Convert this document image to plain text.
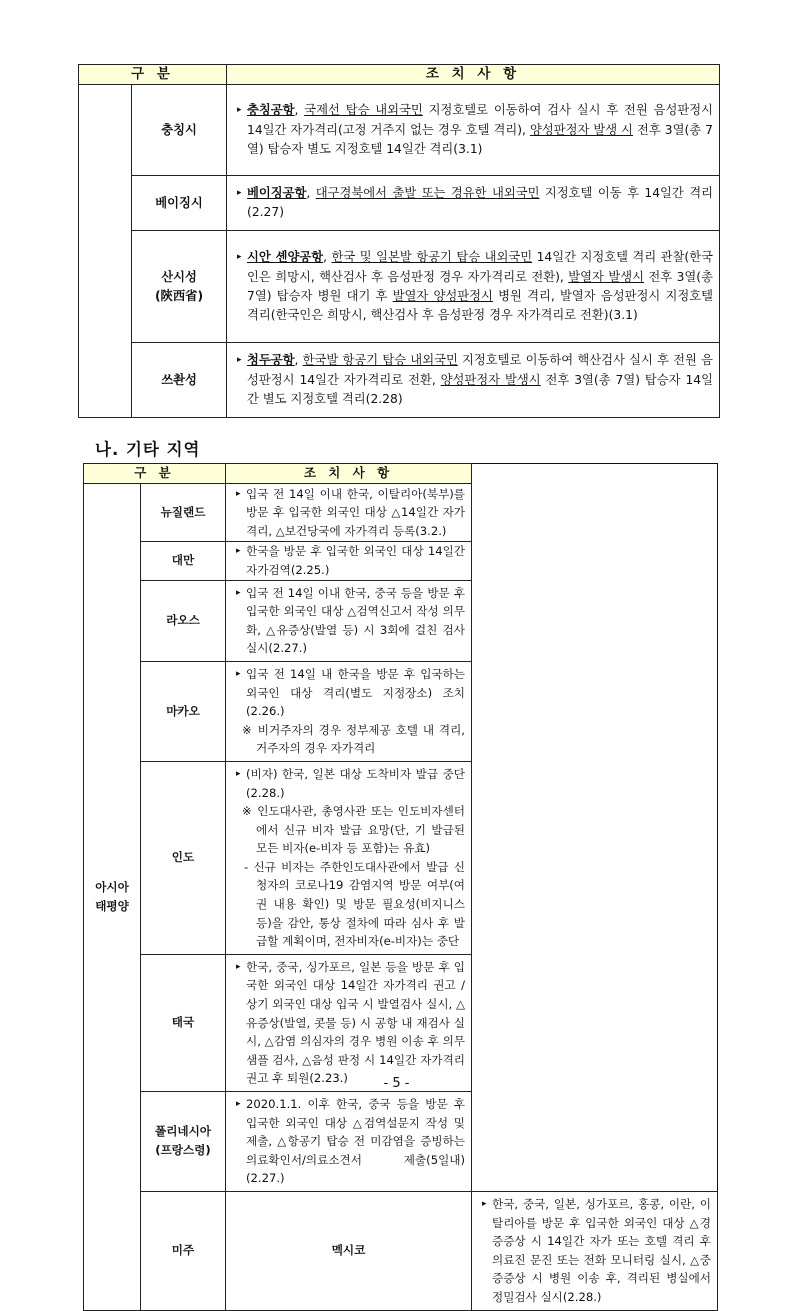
구 분		조 치 사 항
	충칭시	▸ 충칭공항, 국제선 탑승 내외국민 지정호텔로 이동하여 검사 실시 후 전원 음성판정시 14일간 자가격리(고정 거주지 없는 경우 호텔 격리), 양성판정자 발생 시 전후 3열(총 7열) 탑승자 별도 지정호텔 14일간 격리(3.1)

	베이징시	▸ 베이징공항, 대구경북에서 출발 또는 경유한 내외국민 지정호텔 이동 후 14일간 격리(2.27)

	산시성
(陝西省)	▸ 시안 셴양공항, 한국 및 일본발 항공기 탑승 내외국민 14일간 지정호텔 격리 관찰(한국인은 희망시, 핵산검사 후 음성판정 경우 자가격리로 전환), 발열자 발생시 전후 3열(총 7열) 탑승자 병원 대기 후 발열자 양성판정시 병원 격리, 발열자 음성판정시 지정호텔 격리(한국인은 희망시, 핵산검사 후 음성판정 경우 자가격리로 전환)(3.1)

	쓰촨성	▸ 청두공항, 한국발 항공기 탑승 내외국민 지정호텔로 이동하여 핵산검사 실시 후 전원 음성판정시 14일간 자가격리로 전환, 양성판정자 발생시 전후 3열(총 7열) 탑승자 14일간 별도 지정호텔 격리(2.28)
나. 기타 지역
구 분		조 치 사 항	

아시아
태평양	뉴질랜드	▸ 입국 전 14일 이내 한국, 이탈리아(북부)를 방문 후 입국한 외국인 대상 △14일간 자가격리, △보건당국에 자가격리 등록(3.2.)

	대만	▸ 한국을 방문 후 입국한 외국인 대상 14일간 자가검역(2.25.)

	라오스	▸ 입국 전 14일 이내 한국, 중국 등을 방문 후 입국한 외국인 대상 △검역신고서 작성 의무화, △유증상(발열 등) 시 3회에 걸친 검사 실시(2.27.)

	마카오	▸ 입국 전 14일 내 한국을 방문 후 입국하는 외국인 대상 격리(별도 지정장소) 조치(2.26.)
※ 비거주자의 경우 정부제공 호텔 내 격리, 거주자의 경우 자가격리

	인도	▸ (비자) 한국, 일본 대상 도착비자 발급 중단(2.28.)
※ 인도대사관, 총영사관 또는 인도비자센터에서 신규 비자 발급 요망(단, 기 발급된 모든 비자(e-비자 등 포함)는 유효)
- 신규 비자는 주한인도대사관에서 발급 신청자의 코로나19 감염지역 방문 여부(여권 내용 확인) 및 방문 필요성(비지니스 등)을 감안, 통상 절차에 따라 심사 후 발급할 계획이며, 전자비자(e-비자)는 중단

	태국	▸ 한국, 중국, 싱가포르, 일본 등을 방문 후 입국한 외국인 대상 14일간 자가격리 권고 / 상기 외국인 대상 입국 시 발열검사 실시, △유증상(발열, 콧물 등) 시 공항 내 재검사 실시, △감염 의심자의 경우 병원 이송 후 의무 샘플 검사, △음성 판정 시 14일간 자가격리 권고 후 퇴원(2.23.)

	폴리네시아
(프랑스령)	▸ 2020.1.1. 이후 한국, 중국 등을 방문 후 입국한 외국인 대상 △검역설문지 작성 및 제출, △항공기 탑승 전 미감염을 증빙하는 의료확인서/의료소견서 제출(5일내)(2.27.)

	미주	멕시코	▸ 한국, 중국, 일본, 싱가포르, 홍콩, 이란, 이탈리아를 방문 후 입국한 외국인 대상 △경증증상 시 14일간 자가 또는 호텔 격리 후 의료진 문진 또는 전화 모니터링 실시, △중증증상 시 병원 이송 후, 격리된 병실에서 정밀검사 실시(2.28.)
- 5 -
